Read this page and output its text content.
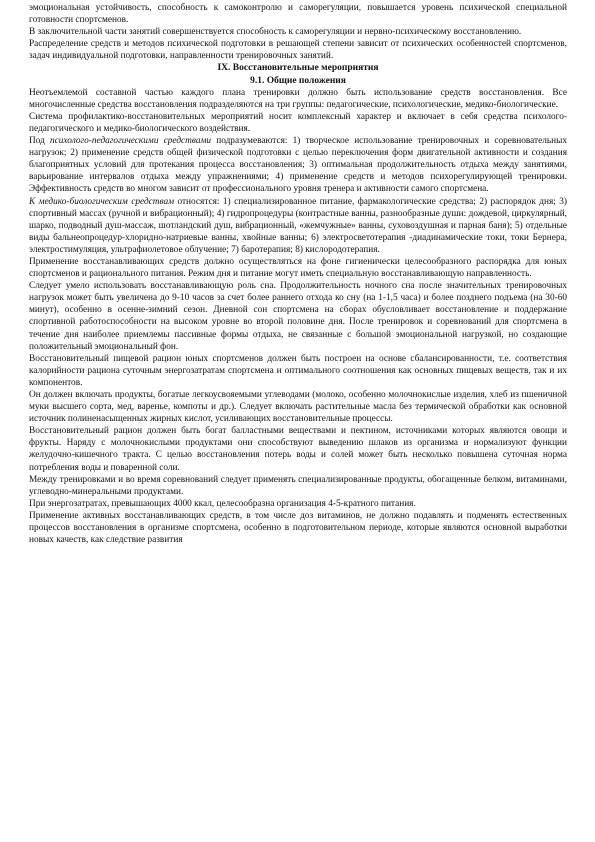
эмоциональная устойчивость, способность к самоконтролю и саморегуляции, повышается уровень психической специальной готовности спортсменов.

В заключительной части занятий совершенствуется способность к саморегуляции и нервно-психическому восстановлению.

Распределение средств и методов психической подготовки в решающей степени зависит от психических особенностей спортсменов, задач индивидуальной подготовки, направленности тренировочных занятий.

IX. Восстановительные мероприятия
9.1. Общие положения

Неотъемлемой составной частью каждого плана тренировки должно быть использование средств восстановления. Все многочисленные средства восстановления подразделяются на три группы: педагогические, психологические, медико-биологические.

Система профилактико-восстановительных мероприятий носит комплексный характер и включает в себя средства психолого-педагогического и медико-биологического воздействия.

Под психолого-педагогическими средствами подразумеваются: 1) творческое использование тренировочных и соревновательных нагрузок; 2) применение средств общей физической подготовки с целью переключения форм двигательной активности и создания благоприятных условий для протекания процесса восстановления; 3) оптимальная продолжительность отдыха между занятиями, варьирование интервалов отдыха между упражнениями; 4) применение средств и методов психорегулирующей тренировки. Эффективность средств во многом зависит от профессионального уровня тренера и активности самого спортсмена.

К медико-биологическим средствам относятся: 1) специализированное питание, фармакологические средства; 2) распорядок дня; 3) спортивный массах (ручной и вибрационный); 4) гидропроцедуры (контрастные ванны, разнообразные души: дождевой, циркулярный, шарко, подводный душ-массаж, шотландский душ, вибрационный, «жемчужные» ванны, суховоздушная и парная баня); 5) отдельные виды бальнеопроцедур-хлоридно-натриевые ванны, хвойные ванны; 6) электросветотерапия -диадинамические токи, токи Бернера, электростимуляция, ультрафиолетовое облучение; 7) баротерапия; 8) кислородотерапия.

Применение восстанавливающих средств должно осуществляться на фоне гигиенически целесообразного распорядка для юных спортсменов и рационального питания. Режим дня и питание могут иметь специальную восстанавливающую направленность.

Следует умело использовать восстанавливающую роль сна. Продолжительность ночного сна после значительных тренировочных нагрузок может быть увеличена до 9-10 часов за счет более раннего отхода ко сну (на 1-1,5 часа) и более позднего подъема (на 30-60 минут), особенно в осенне-зимний сезон. Дневной сон спортсмена на сборах обусловливает восстановление и поддержание спортивной работоспособности на высоком уровне во второй половине дня. После тренировок и соревнований для спортсмена в течение дня наиболее приемлемы пассивные формы отдыха, не связанные с большой эмоциональной нагрузкой, но создающие положительный эмоциональный фон.

Восстановительный пищевой рацион юных спортсменов должен быть построен на основе сбалансированности, т.е. соответствия калорийности рациона суточным энергозатратам спортсмена и оптимального соотношения как основных пищевых веществ, так и их компонентов.

Он должен включать продукты, богатые легкоусвояемыми углеводами (молоко, особенно молочнокислые изделия, хлеб из пшеничной муки высшего сорта, мед, варенье, компоты и др.). Следует включать растительные масла без термической обработки как основной источник полиненасыщенных жирных кислот, усиливающих восстановительные процессы.

Восстановительный рацион должен быть богат балластными веществами и пектином, источниками которых являются овощи и фрукты. Наряду с молочнокислыми продуктами они способствуют выведению шлаков из организма и нормализуют функции желудочно-кишечного тракта. С целью восстановления потерь воды и солей может быть несколько повышена суточная норма потребления воды и поваренной соли.

Между тренировками и во время соревнований следует применять специализированные продукты, обогащенные белком, витаминами, углеводно-минеральными продуктами.

При энергозатратах, превышающих 4000 ккал, целесообразна организация 4-5-кратного питания.

Применение активных восстанавливающих средств, в том числе доз витаминов, не должно подавлять и подменять естественных процессов восстановления в организме спортсмена, особенно в подготовительном периоде, которые являются основной выработки новых качеств, как следствие развития
